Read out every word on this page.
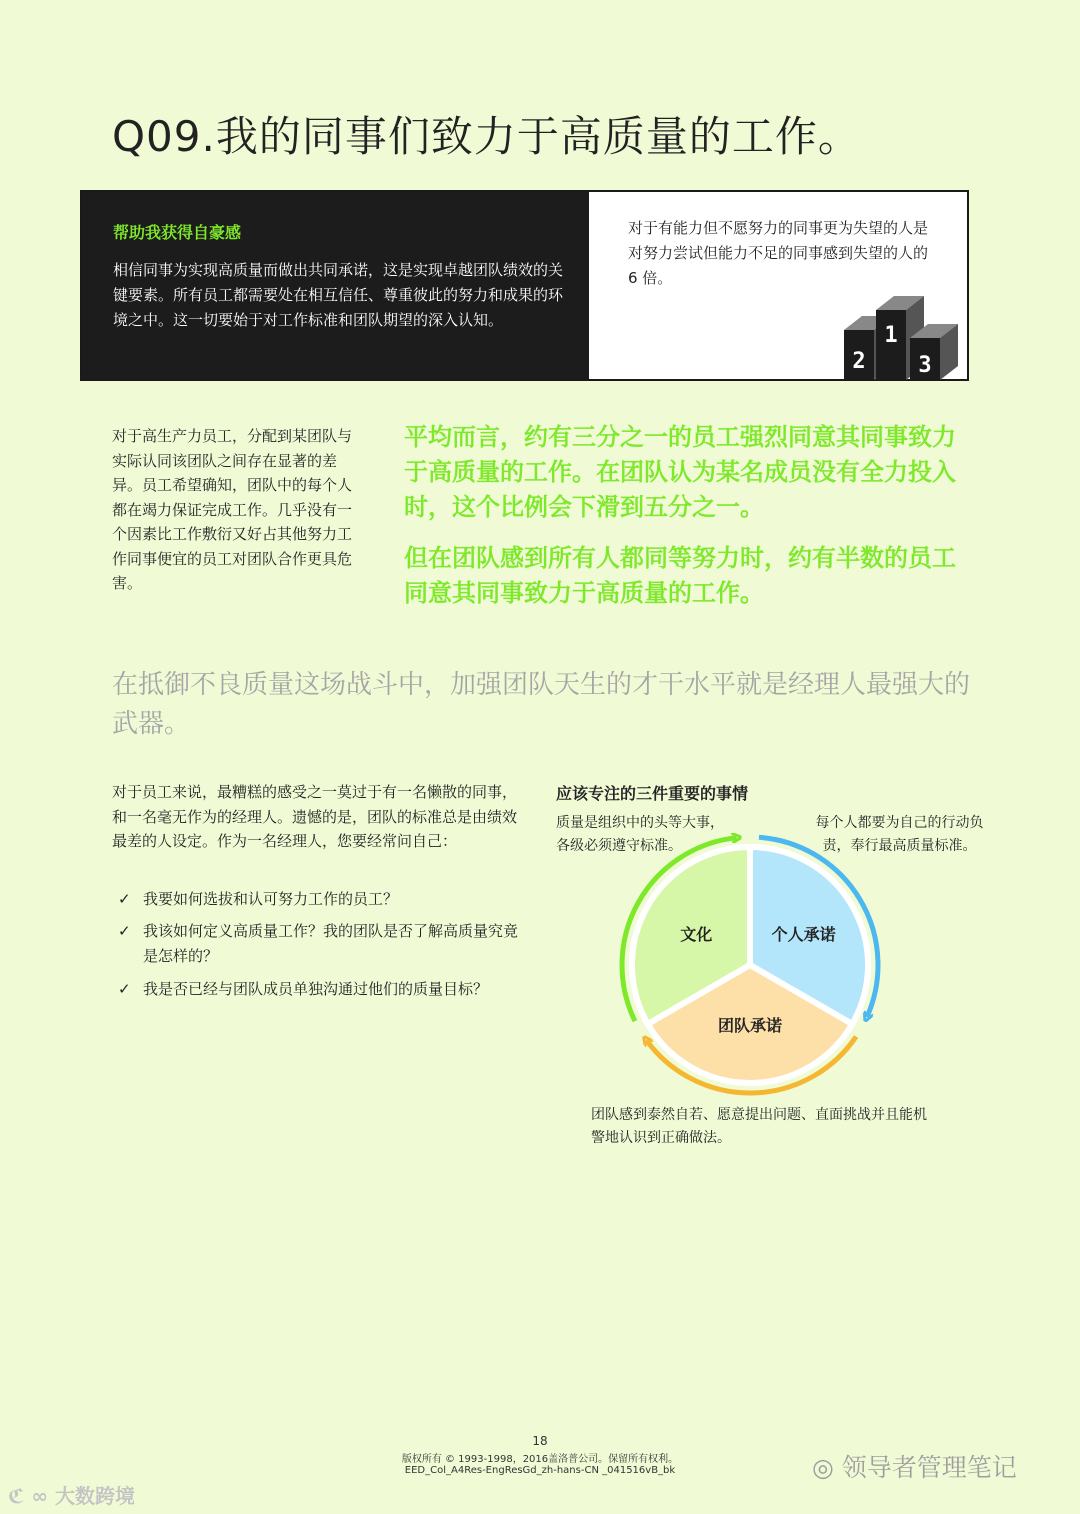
Q09.我的同事们致力于高质量的工作。
帮助我获得自豪感
相信同事为实现高质量而做出共同承诺，这是实现卓越团队绩效的关键要素。所有员工都需要处在相互信任、尊重彼此的努力和成果的环境之中。这一切要始于对工作标准和团队期望的深入认知。
对于有能力但不愿努力的同事更为失望的人是对努力尝试但能力不足的同事感到失望的人的 6 倍。
2
1
3
对于高生产力员工，分配到某团队与实际认同该团队之间存在显著的差异。员工希望确知，团队中的每个人都在竭力保证完成工作。几乎没有一个因素比工作敷衍又好占其他努力工作同事便宜的员工对团队合作更具危害。
平均而言，约有三分之一的员工强烈同意其同事致力于高质量的工作。在团队认为某名成员没有全力投入时，这个比例会下滑到五分之一。
但在团队感到所有人都同等努力时，约有半数的员工同意其同事致力于高质量的工作。
在抵御不良质量这场战斗中，加强团队天生的才干水平就是经理人最强大的武器。
对于员工来说，最糟糕的感受之一莫过于有一名懒散的同事，和一名毫无作为的经理人。遗憾的是，团队的标准总是由绩效最差的人设定。作为一名经理人，您要经常问自己：
✓ 我要如何选拔和认可努力工作的员工？
✓ 我该如何定义高质量工作？我的团队是否了解高质量究竟是怎样的？
✓ 我是否已经与团队成员单独沟通过他们的质量目标？
应该专注的三件重要的事情
质量是组织中的头等大事，各级必须遵守标准。
每个人都要为自己的行动负责，奉行最高质量标准。
团队感到泰然自若、愿意提出问题、直面挑战并且能机警地认识到正确做法。
文化	个人承诺
团队承诺
18
版权所有 © 1993-1998，2016盖洛普公司。保留所有权利。
EED_Col_A4Res-EngResGd_zh-hans-CN _041516vB_bk	◎ 领导者管理笔记
ℭ ∞ 大数跨境
